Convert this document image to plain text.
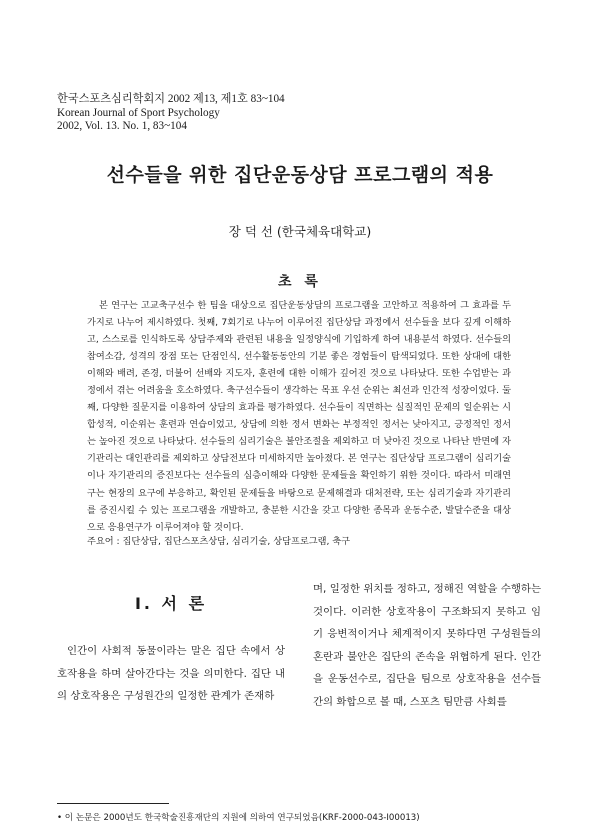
한국스포츠심리학회지 2002 제13, 제1호 83~104
Korean Journal of Sport Psychology
2002, Vol. 13. No. 1, 83~104
선수들을 위한 집단운동상담 프로그램의 적용
장 덕 선 (한국체육대학교)
초 록
본 연구는 고교축구선수 한 팀을 대상으로 집단운동상담의 프로그램을 고안하고 적용하여 그 효과를 두 가지로 나누어 제시하였다. 첫째, 7회기로 나누어 이루어진 집단상담 과정에서 선수들을 보다 깊게 이해하고, 스스로를 인식하도록 상담주제와 관련된 내용을 일정양식에 기입하게 하여 내용분석 하였다. 선수들의 참여소감, 성격의 장점 또는 단점인식, 선수활동동안의 기분 좋은 경험들이 탐색되었다. 또한 상대에 대한 이해와 배려, 존경, 더불어 선배와 지도자, 훈련에 대한 이해가 깊어진 것으로 나타났다. 또한 수업받는 과정에서 겪는 어려움을 호소하였다. 축구선수들이 생각하는 목표 우선 순위는 최선과 인간적 성장이었다. 둘째, 다양한 질문지를 이용하여 상담의 효과를 평가하였다. 선수들이 직면하는 실질적인 문제의 일순위는 시합성적, 이순위는 훈련과 연습이었고, 상담에 의한 정서 변화는 부정적인 정서는 낮아지고, 긍정적인 정서는 높아진 것으로 나타났다. 선수들의 심리기술은 불안조절을 제외하고 더 낮아진 것으로 나타난 반면에 자기관리는 대인관리를 제외하고 상담전보다 미세하지만 높아졌다. 본 연구는 집단상담 프로그램이 심리기술이나 자기관리의 증진보다는 선수들의 심층이해와 다양한 문제들을 확인하기 위한 것이다. 따라서 미래연구는 현장의 요구에 부응하고, 확인된 문제들을 바탕으로 문제해결과 대처전략, 또는 심리기술과 자기관리를 증진시킬 수 있는 프로그램을 개발하고, 충분한 시간을 갖고 다양한 종목과 운동수준, 발달수준을 대상으로 응용연구가 이루어져야 할 것이다.
주요어 : 집단상담, 집단스포츠상담, 심리기술, 상담프로그램, 축구
I. 서 론
인간이 사회적 동물이라는 말은 집단 속에서 상호작용을 하며 살아간다는 것을 의미한다. 집단 내의 상호작용은 구성원간의 일정한 관계가 존재하
며, 일정한 위치를 정하고, 정해진 역할을 수행하는 것이다. 이러한 상호작용이 구조화되지 못하고 임기 응변적이거나 체계적이지 못하다면 구성원들의 혼란과 불안은 집단의 존속을 위협하게 된다. 인간을 운동선수로, 집단을 팀으로 상호작용을 선수들간의 화합으로 볼 때, 스포츠 팀만큼 사회를
• 이 논문은 2000년도 한국학술진흥재단의 지원에 의하여 연구되었음(KRF-2000-043-I00013)
